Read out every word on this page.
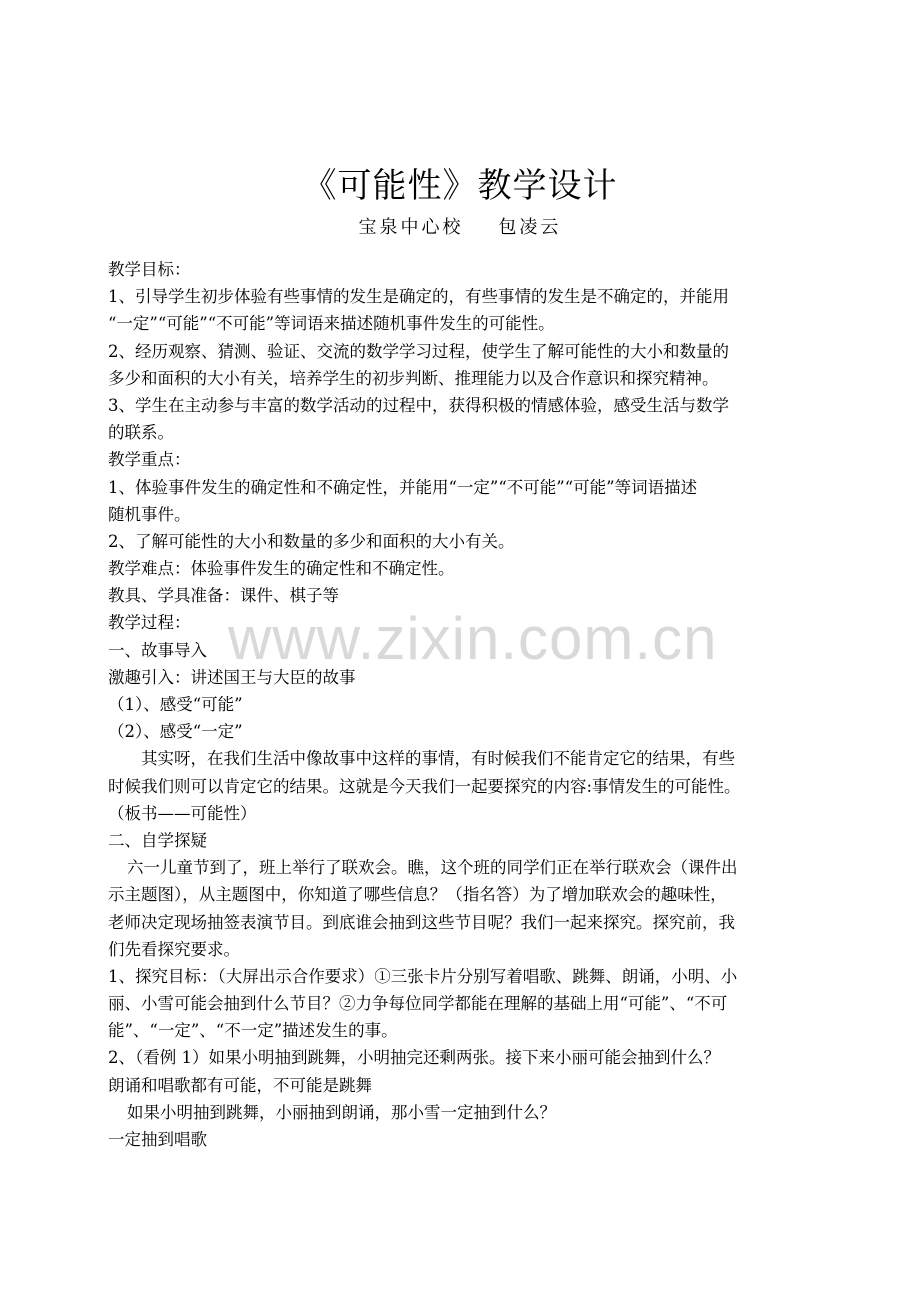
《可能性》教学设计
宝泉中心校    包凌云
教学目标：
1、引导学生初步体验有些事情的发生是确定的，有些事情的发生是不确定的，并能用
“一定”“可能”“不可能”等词语来描述随机事件发生的可能性。
2、经历观察、猜测、验证、交流的数学学习过程，使学生了解可能性的大小和数量的
多少和面积的大小有关，培养学生的初步判断、推理能力以及合作意识和探究精神。
3、学生在主动参与丰富的数学活动的过程中，获得积极的情感体验，感受生活与数学
的联系。
教学重点：
1、体验事件发生的确定性和不确定性，并能用“一定”“不可能”“可能”等词语描述
随机事件。
2、了解可能性的大小和数量的多少和面积的大小有关。
教学难点：体验事件发生的确定性和不确定性。
教具、学具准备：课件、棋子等
教学过程：
一、故事导入
激趣引入：讲述国王与大臣的故事
（1）、感受“可能”
（2）、感受“一定”
其实呀，在我们生活中像故事中这样的事情，有时候我们不能肯定它的结果，有些
时候我们则可以肯定它的结果。这就是今天我们一起要探究的内容:事情发生的可能性。
（板书——可能性）
二、自学探疑
六一儿童节到了，班上举行了联欢会。瞧，这个班的同学们正在举行联欢会（课件出
示主题图），从主题图中，你知道了哪些信息？（指名答）为了增加联欢会的趣味性，
老师决定现场抽签表演节目。到底谁会抽到这些节目呢？我们一起来探究。探究前，我
们先看探究要求。
1、探究目标：（大屏出示合作要求）①三张卡片分别写着唱歌、跳舞、朗诵，小明、小
丽、小雪可能会抽到什么节目？②力争每位同学都能在理解的基础上用“可能”、“不可
能”、“一定”、“不一定”描述发生的事。
2、（看例 1）如果小明抽到跳舞，小明抽完还剩两张。接下来小丽可能会抽到什么？
朗诵和唱歌都有可能，不可能是跳舞
如果小明抽到跳舞，小丽抽到朗诵，那小雪一定抽到什么？
一定抽到唱歌
www.zixin.com.cn
